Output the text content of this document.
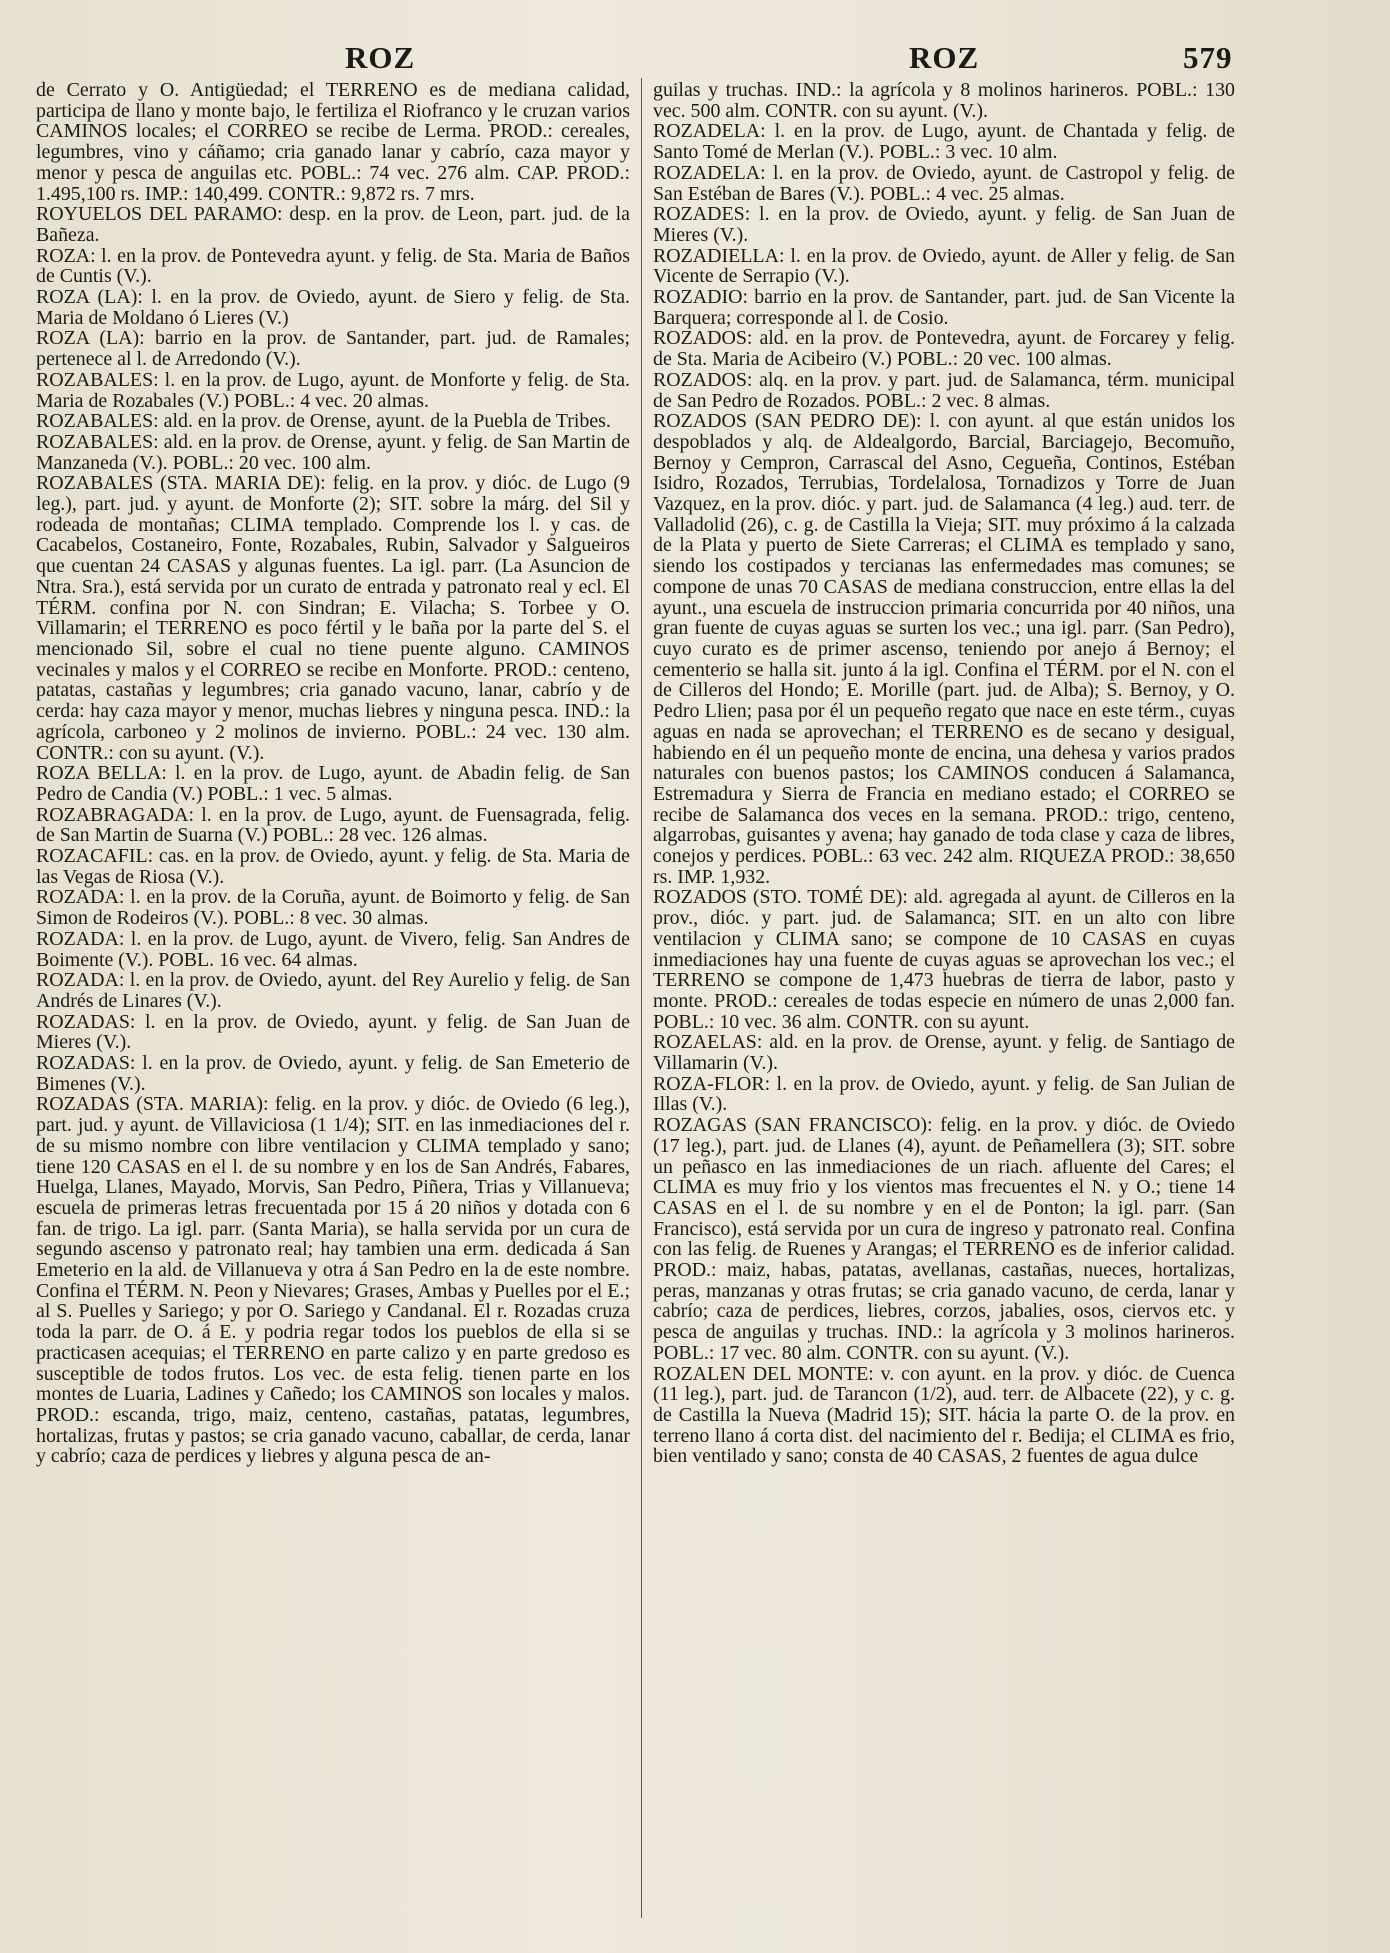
ROZ	ROZ	579

de Cerrato y O. Antigüedad; el TERRENO es de mediana calidad, participa de llano y monte bajo, le fertiliza el Riofranco y le cruzan varios CAMINOS locales; el CORREO se recibe de Lerma. PROD.: cereales, legumbres, vino y cáñamo; cria ganado lanar y cabrío, caza mayor y menor y pesca de anguilas etc. POBL.: 74 vec. 276 alm. CAP. PROD.: 1.495,100 rs. IMP.: 140,499. CONTR.: 9,872 rs. 7 mrs.

ROYUELOS DEL PARAMO: desp. en la prov. de Leon, part. jud. de la Bañeza.

ROZA: l. en la prov. de Pontevedra ayunt. y felig. de Sta. Maria de Baños de Cuntis (V.).

ROZA (LA): l. en la prov. de Oviedo, ayunt. de Siero y felig. de Sta. Maria de Moldano ó Lieres (V.)

ROZA (LA): barrio en la prov. de Santander, part. jud. de Ramales; pertenece al l. de Arredondo (V.).

ROZABALES: l. en la prov. de Lugo, ayunt. de Monforte y felig. de Sta. Maria de Rozabales (V.) POBL.: 4 vec. 20 almas.

ROZABALES: ald. en la prov. de Orense, ayunt. de la Puebla de Tribes.

ROZABALES: ald. en la prov. de Orense, ayunt. y felig. de San Martin de Manzaneda (V.). POBL.: 20 vec. 100 alm.

ROZABALES (STA. MARIA DE): felig. en la prov. y dióc. de Lugo (9 leg.), part. jud. y ayunt. de Monforte (2); SIT. sobre la márg. del Sil y rodeada de montañas; CLIMA templado. Comprende los l. y cas. de Cacabelos, Costaneiro, Fonte, Rozabales, Rubin, Salvador y Salgueiros que cuentan 24 CASAS y algunas fuentes. La igl. parr. (La Asuncion de Ntra. Sra.), está servida por un curato de entrada y patronato real y ecl. El TÉRM. confina por N. con Sindran; E. Vilacha; S. Torbee y O. Villamarin; el TERRENO es poco fértil y le baña por la parte del S. el mencionado Sil, sobre el cual no tiene puente alguno. CAMINOS vecinales y malos y el CORREO se recibe en Monforte. PROD.: centeno, patatas, castañas y legumbres; cria ganado vacuno, lanar, cabrío y de cerda: hay caza mayor y menor, muchas liebres y ninguna pesca. IND.: la agrícola, carboneo y 2 molinos de invierno. POBL.: 24 vec. 130 alm. CONTR.: con su ayunt. (V.).

ROZA BELLA: l. en la prov. de Lugo, ayunt. de Abadin felig. de San Pedro de Candia (V.) POBL.: 1 vec. 5 almas.

ROZABRAGADA: l. en la prov. de Lugo, ayunt. de Fuensagrada, felig. de San Martin de Suarna (V.) POBL.: 28 vec. 126 almas.

ROZACAFIL: cas. en la prov. de Oviedo, ayunt. y felig. de Sta. Maria de las Vegas de Riosa (V.).

ROZADA: l. en la prov. de la Coruña, ayunt. de Boimorto y felig. de San Simon de Rodeiros (V.). POBL.: 8 vec. 30 almas.

ROZADA: l. en la prov. de Lugo, ayunt. de Vivero, felig. San Andres de Boimente (V.). POBL. 16 vec. 64 almas.

ROZADA: l. en la prov. de Oviedo, ayunt. del Rey Aurelio y felig. de San Andrés de Linares (V.).

ROZADAS: l. en la prov. de Oviedo, ayunt. y felig. de San Juan de Mieres (V.).

ROZADAS: l. en la prov. de Oviedo, ayunt. y felig. de San Emeterio de Bimenes (V.).

ROZADAS (STA. MARIA): felig. en la prov. y dióc. de Oviedo (6 leg.), part. jud. y ayunt. de Villaviciosa (1 1/4); SIT. en las inmediaciones del r. de su mismo nombre con libre ventilacion y CLIMA templado y sano; tiene 120 CASAS en el l. de su nombre y en los de San Andrés, Fabares, Huelga, Llanes, Mayado, Morvis, San Pedro, Piñera, Trias y Villanueva; escuela de primeras letras frecuentada por 15 á 20 niños y dotada con 6 fan. de trigo. La igl. parr. (Santa Maria), se halla servida por un cura de segundo ascenso y patronato real; hay tambien una erm. dedicada á San Emeterio en la ald. de Villanueva y otra á San Pedro en la de este nombre. Confina el TÉRM. N. Peon y Nievares; Grases, Ambas y Puelles por el E.; al S. Puelles y Sariego; y por O. Sariego y Candanal. El r. Rozadas cruza toda la parr. de O. á E. y podria regar todos los pueblos de ella si se practicasen acequias; el TERRENO en parte calizo y en parte gredoso es susceptible de todos frutos. Los vec. de esta felig. tienen parte en los montes de Luaria, Ladines y Cañedo; los CAMINOS son locales y malos. PROD.: escanda, trigo, maiz, centeno, castañas, patatas, legumbres, hortalizas, frutas y pastos; se cria ganado vacuno, caballar, de cerda, lanar y cabrío; caza de perdices y liebres y alguna pesca de an-

guilas y truchas. IND.: la agrícola y 8 molinos harineros. POBL.: 130 vec. 500 alm. CONTR. con su ayunt. (V.).

ROZADELA: l. en la prov. de Lugo, ayunt. de Chantada y felig. de Santo Tomé de Merlan (V.). POBL.: 3 vec. 10 alm.

ROZADELA: l. en la prov. de Oviedo, ayunt. de Castropol y felig. de San Estéban de Bares (V.). POBL.: 4 vec. 25 almas.

ROZADES: l. en la prov. de Oviedo, ayunt. y felig. de San Juan de Mieres (V.).

ROZADIELLA: l. en la prov. de Oviedo, ayunt. de Aller y felig. de San Vicente de Serrapio (V.).

ROZADIO: barrio en la prov. de Santander, part. jud. de San Vicente la Barquera; corresponde al l. de Cosio.

ROZADOS: ald. en la prov. de Pontevedra, ayunt. de Forcarey y felig. de Sta. Maria de Acibeiro (V.) POBL.: 20 vec. 100 almas.

ROZADOS: alq. en la prov. y part. jud. de Salamanca, térm. municipal de San Pedro de Rozados. POBL.: 2 vec. 8 almas.

ROZADOS (SAN PEDRO DE): l. con ayunt. al que están unidos los despoblados y alq. de Aldealgordo, Barcial, Barciagejo, Becomuño, Bernoy y Cempron, Carrascal del Asno, Cegueña, Continos, Estéban Isidro, Rozados, Terrubias, Tordelalosa, Tornadizos y Torre de Juan Vazquez, en la prov. dióc. y part. jud. de Salamanca (4 leg.) aud. terr. de Valladolid (26), c. g. de Castilla la Vieja; SIT. muy próximo á la calzada de la Plata y puerto de Siete Carreras; el CLIMA es templado y sano, siendo los costipados y tercianas las enfermedades mas comunes; se compone de unas 70 CASAS de mediana construccion, entre ellas la del ayunt., una escuela de instruccion primaria concurrida por 40 niños, una gran fuente de cuyas aguas se surten los vec.; una igl. parr. (San Pedro), cuyo curato es de primer ascenso, teniendo por anejo á Bernoy; el cementerio se halla sit. junto á la igl. Confina el TÉRM. por el N. con el de Cilleros del Hondo; E. Morille (part. jud. de Alba); S. Bernoy, y O. Pedro Llien; pasa por él un pequeño regato que nace en este térm., cuyas aguas en nada se aprovechan; el TERRENO es de secano y desigual, habiendo en él un pequeño monte de encina, una dehesa y varios prados naturales con buenos pastos; los CAMINOS conducen á Salamanca, Estremadura y Sierra de Francia en mediano estado; el CORREO se recibe de Salamanca dos veces en la semana. PROD.: trigo, centeno, algarrobas, guisantes y avena; hay ganado de toda clase y caza de libres, conejos y perdices. POBL.: 63 vec. 242 alm. RIQUEZA PROD.: 38,650 rs. IMP. 1,932.

ROZADOS (STO. TOMÉ DE): ald. agregada al ayunt. de Cilleros en la prov., dióc. y part. jud. de Salamanca; SIT. en un alto con libre ventilacion y CLIMA sano; se compone de 10 CASAS en cuyas inmediaciones hay una fuente de cuyas aguas se aprovechan los vec.; el TERRENO se compone de 1,473 huebras de tierra de labor, pasto y monte. PROD.: cereales de todas especie en número de unas 2,000 fan. POBL.: 10 vec. 36 alm. CONTR. con su ayunt.

ROZAELAS: ald. en la prov. de Orense, ayunt. y felig. de Santiago de Villamarin (V.).

ROZA-FLOR: l. en la prov. de Oviedo, ayunt. y felig. de San Julian de Illas (V.).

ROZAGAS (SAN FRANCISCO): felig. en la prov. y dióc. de Oviedo (17 leg.), part. jud. de Llanes (4), ayunt. de Peñamellera (3); SIT. sobre un peñasco en las inmediaciones de un riach. afluente del Cares; el CLIMA es muy frio y los vientos mas frecuentes el N. y O.; tiene 14 CASAS en el l. de su nombre y en el de Ponton; la igl. parr. (San Francisco), está servida por un cura de ingreso y patronato real. Confina con las felig. de Ruenes y Arangas; el TERRENO es de inferior calidad. PROD.: maiz, habas, patatas, avellanas, castañas, nueces, hortalizas, peras, manzanas y otras frutas; se cria ganado vacuno, de cerda, lanar y cabrío; caza de perdices, liebres, corzos, jabalies, osos, ciervos etc. y pesca de anguilas y truchas. IND.: la agrícola y 3 molinos harineros. POBL.: 17 vec. 80 alm. CONTR. con su ayunt. (V.).

ROZALEN DEL MONTE: v. con ayunt. en la prov. y dióc. de Cuenca (11 leg.), part. jud. de Tarancon (1/2), aud. terr. de Albacete (22), y c. g. de Castilla la Nueva (Madrid 15); SIT. hácia la parte O. de la prov. en terreno llano á corta dist. del nacimiento del r. Bedija; el CLIMA es frio, bien ventilado y sano; consta de 40 CASAS, 2 fuentes de agua dulce
